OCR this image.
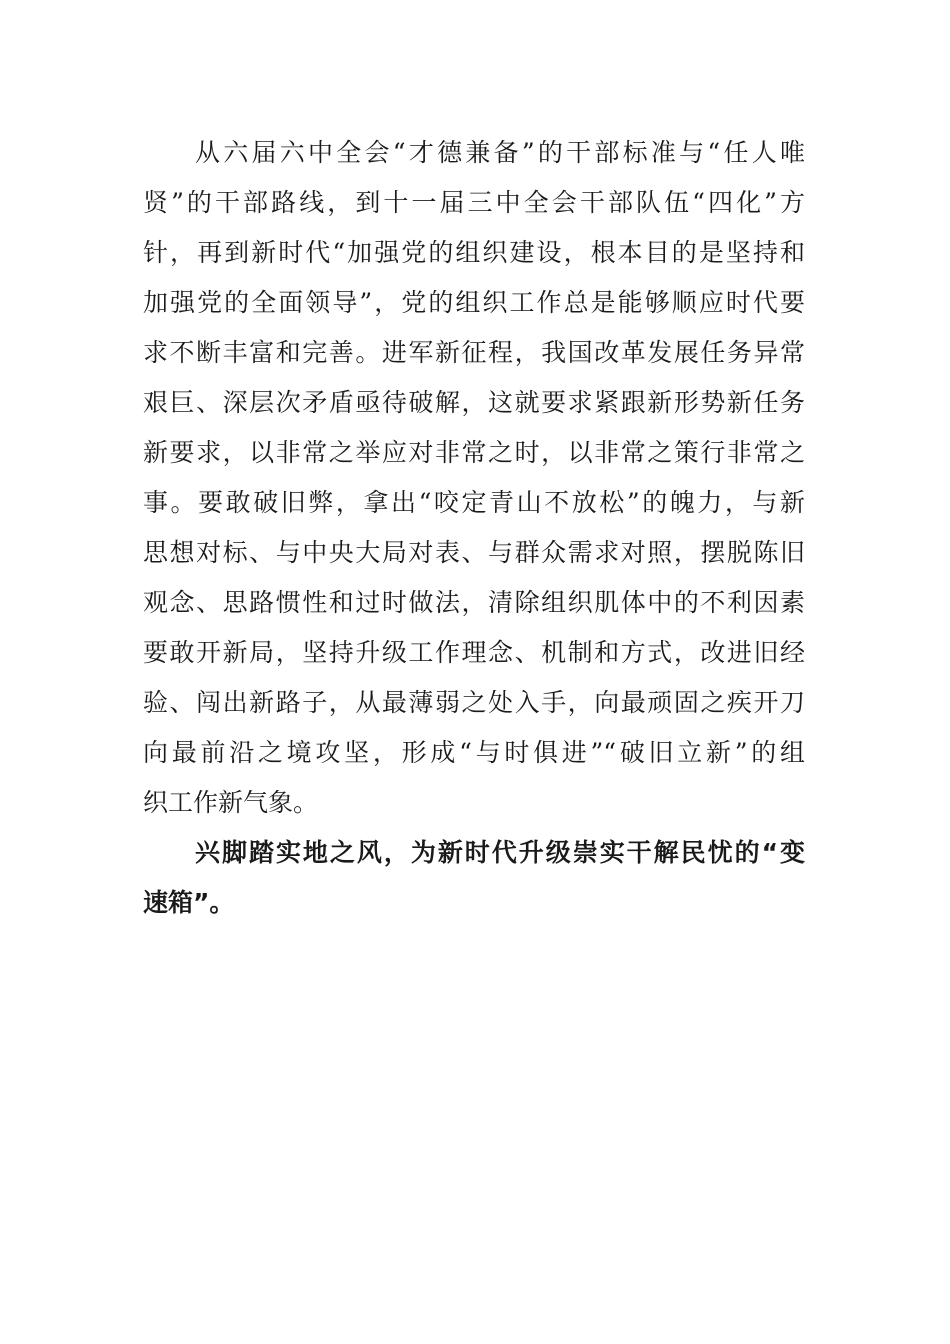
从六届六中全会“才德兼备”的干部标准与“任人唯
贤”的干部路线，到十一届三中全会干部队伍“四化”方
针，再到新时代“加强党的组织建设，根本目的是坚持和
加强党的全面领导”，党的组织工作总是能够顺应时代要
求不断丰富和完善。进军新征程，我国改革发展任务异常
艰巨、深层次矛盾亟待破解，这就要求紧跟新形势新任务
新要求，以非常之举应对非常之时，以非常之策行非常之
事。要敢破旧弊，拿出“咬定青山不放松”的魄力，与新
思想对标、与中央大局对表、与群众需求对照，摆脱陈旧
观念、思路惯性和过时做法，清除组织肌体中的不利因素
要敢开新局，坚持升级工作理念、机制和方式，改进旧经
验、闯出新路子，从最薄弱之处入手，向最顽固之疾开刀
向最前沿之境攻坚，形成“与时俱进”“破旧立新”的组
织工作新气象。
兴脚踏实地之风，为新时代升级崇实干解民忧的“变
速箱”。
